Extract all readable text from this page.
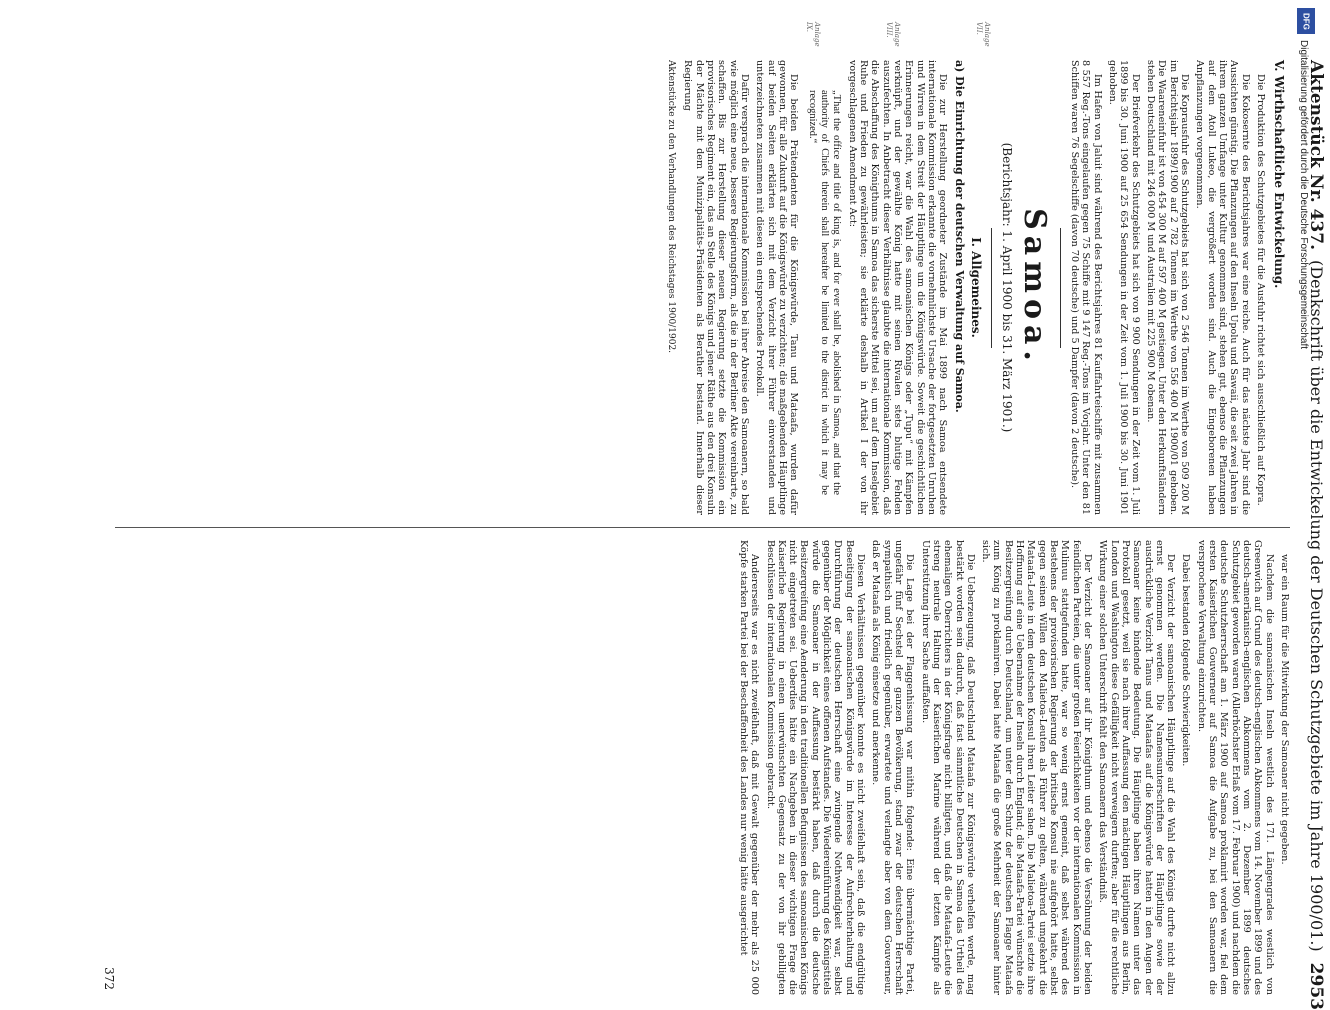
Aktenstück Nr. 437.
(Denkschrift über die Entwickelung der Deutschen Schutzgebiete im Jahre 1900/01.)
2953
V. Wirthschaftliche Entwickelung.

Die Produktion des Schutzgebietes für die Ausfuhr richtet sich ausschließlich auf Kopra.

Die Kokosernte des Berichtsjahres war eine reiche. Auch für das nächste Jahr sind die Aussichten günstig. Die Pflanzungen auf den Inseln Upolu und Sawaii, die seit zwei Jahren in ihrem ganzen Umfange unter Kultur genommen sind, stehen gut, ebenso die Pflanzungen auf dem Atoll Lukeo, die vergrößert worden sind. Auch die Eingeborenen haben Anpflanzungen vorgenommen.

Die Koprausfuhr des Schutzgebiets hat sich von 2 546 Tonnen im Werthe von 509 200 M im Berichtsjahr 1899/1900 auf 2 782 Tonnen im Werthe von 556 400 M 1900/01 gehoben. Die Waareneinfuhr ist von 454 300 M auf 597 400 M gestiegen. Unter den Herkunftsländern stehen Deutschland mit 246 000 M und Australien mit 225 900 M obenan.

Der Briefverkehr des Schutzgebiets hat sich von 9 900 Sendungen in der Zeit vom 1. Juli 1899 bis 30. Juni 1900 auf 25 654 Sendungen in der Zeit vom 1. Juli 1900 bis 30. Juni 1901 gehoben.

Im Hafen von Jaluit sind während des Berichtsjahres 81 Kauffahrteischiffe mit zusammen 8 557 Reg.-Tons eingelaufen gegen 75 Schiffe mit 9 147 Reg.-Tons im Vorjahr. Unter den 81 Schiffen waren 76 Segelschiffe (davon 70 deutsche) und 5 Dampfer (davon 2 deutsche).

Samoa.
(Berichtsjahr: 1. April 1900 bis 31. März 1901.)
I. Allgemeines.
a) Die Einrichtung der deutschen Verwaltung auf Samoa.

Die zur Herstellung geordneter Zustände im Mai 1899 nach Samoa entsendete internationale Kommission erkannte die vornehmlichste Ursache der fortgesetzten Unruhen und Wirren in dem Streit der Häuptlinge um die Königswürde. Soweit die geschichtlichen Erinnerungen reicht, war die Wahl des samoanischen Königs oder „Tupu“ mit Kämpfen verknüpft, und der gewählte König hatte mit seinen Rivalen stets blutige Fehden auszufechten. In Anbetracht dieser Verhältnisse glaubte die internationale Kommission, daß die Abschaffung des Königthums in Samoa das sicherste Mittel sei, um auf dem Inselgebiet Ruhe und Frieden zu gewährleisten; sie erklärte deshalb in Artikel I der von ihr vorgeschlagenen Amendment Act:

„That the office and title of king is, and for ever shall be, abolished in Samoa, and that the authority of Chiefs therein shall hereafter be limited to the district in which it may be recognized.“

Die beiden Prätendenten für die Königswürde, Tanu und Mataafa, wurden dafür gewonnen, für alle Zukunft auf die Königswürde zu verzichten; die maßgebenden Häuptlinge auf beiden Seiten erklärten sich mit dem Verzicht ihrer Führer einverstanden und unterzeichneten zusammen mit diesen ein entsprechendes Protokoll.

Dafür versprach die internationale Kommission bei ihrer Abreise den Samoanern, so bald wie möglich eine neue, bessere Regierungsform, als die in der Berliner Akte vereinbarte, zu schaffen. Bis zur Herstellung dieser neuen Regierung setzte die Kommission ein provisorisches Regiment ein, das an Stelle des Königs und jener Räthe aus den drei Konsuln der Mächte mit dem Munizipalitäts-Präsidenten als Berather bestand. Innerhalb dieser Regierung

Aktenstücke zu den Verhandlungen des Reichstages 1900/1902.
Anlage VII.
Anlage VIII.
Anlage IX.

war ein Raum für die Mitwirkung der Samoaner nicht gegeben.

Nachdem die samoanischen Inseln westlich des 171. Längengrades westlich von Greenwich auf Grund des deutsch-englischen Abkommens vom 14. November 1899 und des deutsch-amerikanisch-englischen Abkommens vom 2. Dezember 1899 deutsches Schutzgebiet geworden waren (Allerhöchster Erlaß vom 17. Februar 1900) und nachdem die deutsche Schutzherrschaft am 1. März 1900 auf Samoa proklamirt worden war, fiel dem ersten Kaiserlichen Gouverneur auf Samoa die Aufgabe zu, bei den Samoanern die versprochene Verwaltung einzurichten.

Dabei bestanden folgende Schwierigkeiten.

Der Verzicht der samoanischen Häuptlinge auf die Wahl des Königs durfte nicht allzu ernst genommen werden. Die Namensunterschriften der Häuptlinge sowie der ausdrückliche Verzicht Tanus und Mataafas auf die Königswürde hatten in den Augen der Samoaner keine bindende Bedeutung. Die Häuptlinge haben ihren Namen unter das Protokoll gesetzt, weil sie nach ihrer Auffassung den mächtigen Häuptlingen aus Berlin, London und Washington diese Gefälligkeit nicht verweigern durften; aber für die rechtliche Wirkung einer solchen Unterschrift fehlt den Samoanern das Verständniß.

Der Verzicht der Samoaner auf ihr Königthum und ebenso die Versöhnung der beiden feindlichen Parteien, die unter großen Feierlichkeiten vor der internationalen Kommission in Mulinuu stattgefunden hatte, war so wenig ernst gemeint, daß selbst während des Bestehens der provisorischen Regierung der britische Konsul nie aufgehört hatte, selbst gegen seinen Willen den Malietoa-Leuten als Führer zu gelten, während umgekehrt die Mataafa-Leute in dem deutschen Konsul ihren Leiter sahen. Die Malietoa-Partei setzte ihre Hoffnung auf eine Uebernahme der Inseln durch England; die Mataafa-Partei wünschte die Besitzergreifung durch Deutschland, um unter dem Schutz der deutschen Flagge Mataafa zum König zu proklamiren. Dabei hatte Mataafa die große Mehrheit der Samoaner hinter sich.

Die Ueberzeugung, daß Deutschland Mataafa zur Königswürde verhelfen werde, mag bestärkt worden sein dadurch, daß fast sämmtliche Deutschen in Samoa das Urtheil des ehemaligen Oberrichters in der Königsfrage nicht billigten, und daß die Mataafa-Leute die streng neutrale Haltung der Kaiserlichen Marine während der letzten Kämpfe als Unterstützung ihrer Sache auffaßten.

Die Lage bei der Flaggenhissung war mithin folgende: Eine übermächtige Partei, ungefähr fünf Sechstel der ganzen Bevölkerung, stand zwar der deutschen Herrschaft sympathisch und friedlich gegenüber, erwartete und verlangte aber von dem Gouverneur, daß er Mataafa als König einsetze und anerkenne.

Diesen Verhältnissen gegenüber konnte es nicht zweifelhaft sein, daß die endgültige Beseitigung der samoanischen Königswürde im Interesse der Aufrechterhaltung und Durchführung der deutschen Herrschaft eine zwingende Nothwendigkeit war, selbst gegenüber der Möglichkeit eines offenen Aufstandes. Die Wiedereinführung des Königstitels würde die Samoaner in der Auffassung bestärkt haben, daß durch die deutsche Besitzergreifung eine Aenderung in den traditionellen Befugnissen des samoanischen Königs nicht eingetreten sei. Ueberdies hätte ein Nachgeben in dieser wichtigen Frage die Kaiserliche Regierung in einen unerwünschten Gegensatz zu der von ihr gebilligten Beschlüssen der internationalen Kommission gebracht.

Andererseits war es nicht zweifelhaft, daß mit Gewalt gegenüber der mehr als 25 000 Köpfe starken Partei bei der Beschaffenheit des Landes nur wenig hätte ausgerichtet

372
DFG
Digitalisierung gefördert durch die Deutsche Forschungsgemeinschaft
